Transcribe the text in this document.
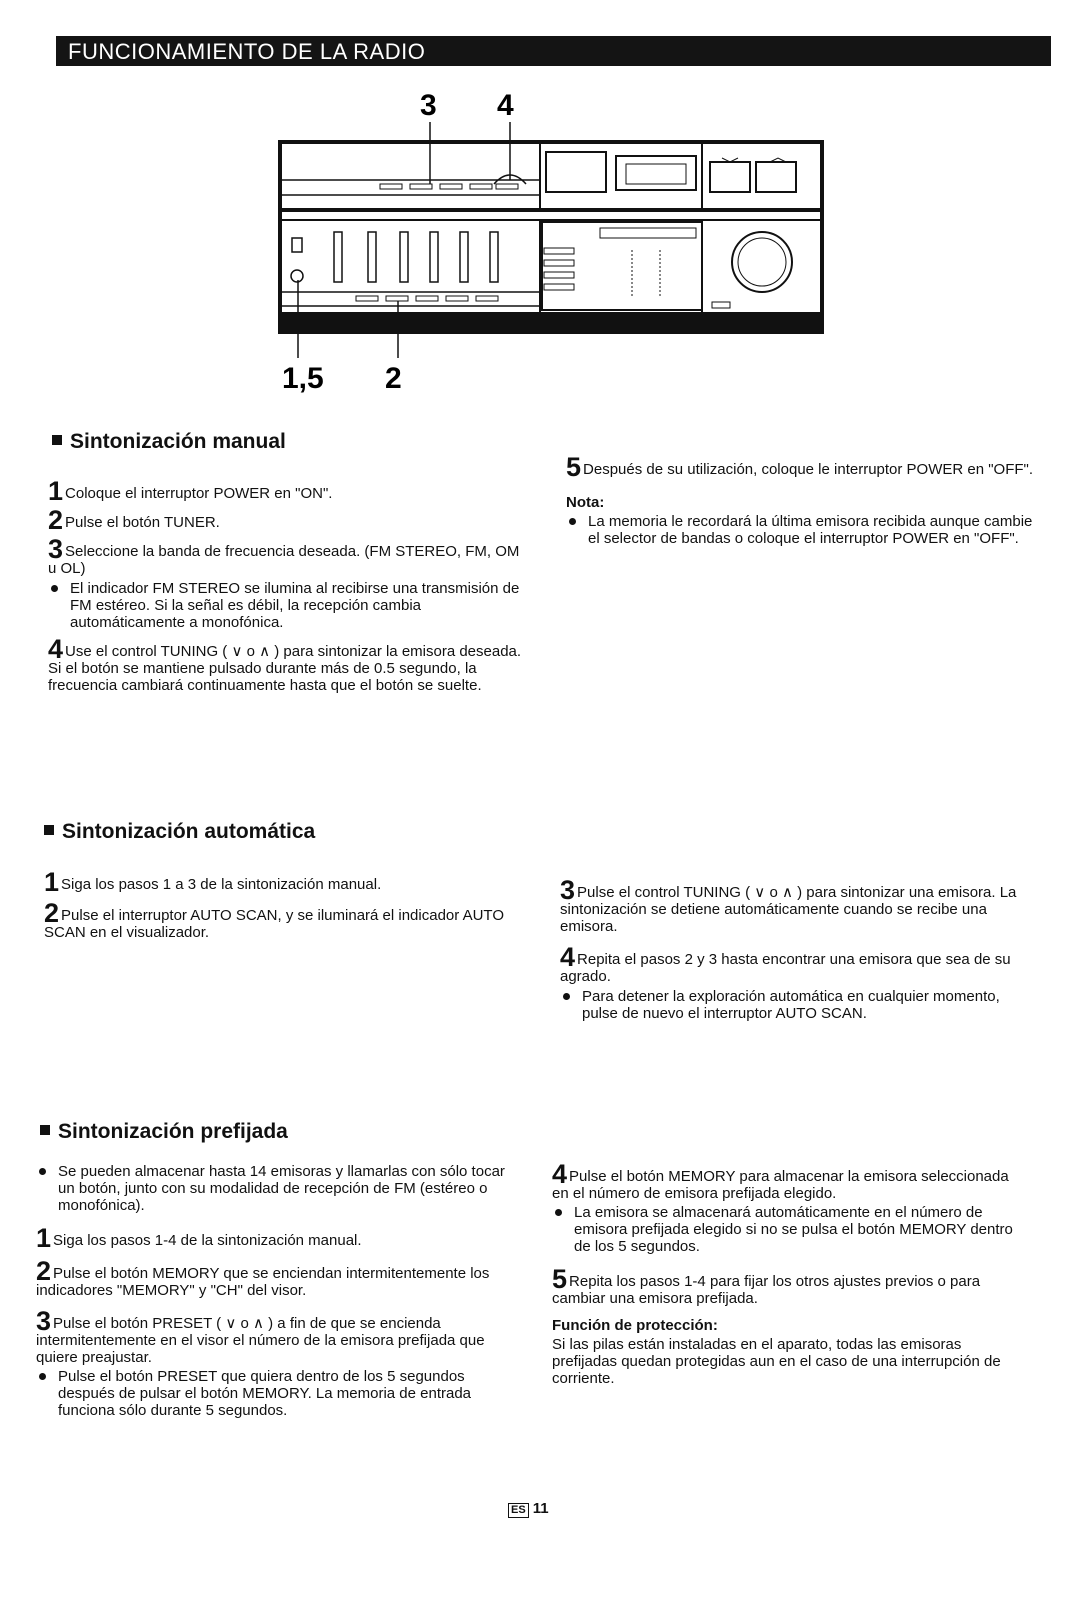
FUNCIONAMIENTO DE LA RADIO
3 4
1,5 2
Sintonización manual

1 Coloque el interruptor POWER en "ON".

2 Pulse el botón TUNER.

3 Seleccione la banda de frecuencia deseada. (FM STEREO, FM, OM u OL)

El indicador FM STEREO se ilumina al recibirse una transmisión de FM estéreo. Si la señal es débil, la recepción cambia automáticamente a monofónica.

4 Use el control TUNING ( ∨ o ∧ ) para sintonizar la emisora deseada. Si el botón se mantiene pulsado durante más de 0.5 segundo, la frecuencia cambiará continuamente hasta que el botón se suelte.

5 Después de su utilización, coloque le interruptor POWER en "OFF".

Nota:

La memoria le recordará la última emisora recibida aunque cambie el selector de bandas o coloque el interruptor POWER en "OFF".

Sintonización automática

1 Siga los pasos 1 a 3 de la sintonización manual.

2 Pulse el interruptor AUTO SCAN, y se iluminará el indicador AUTO SCAN en el visualizador.

3 Pulse el control TUNING ( ∨ o ∧ ) para sintonizar una emisora. La sintonización se detiene automáticamente cuando se recibe una emisora.

4 Repita el pasos 2 y 3 hasta encontrar una emisora que sea de su agrado.

Para detener la exploración automática en cualquier momento, pulse de nuevo el interruptor AUTO SCAN.

Sintonización prefijada

Se pueden almacenar hasta 14 emisoras y llamarlas con sólo tocar un botón, junto con su modalidad de recepción de FM (estéreo o monofónica).

1 Siga los pasos 1-4 de la sintonización manual.

2 Pulse el botón MEMORY que se enciendan intermitentemente los indicadores "MEMORY" y "CH" del visor.

3 Pulse el botón PRESET ( ∨ o ∧ ) a fin de que se encienda intermitentemente en el visor el número de la emisora prefijada que quiere preajustar.

Pulse el botón PRESET que quiera dentro de los 5 segundos después de pulsar el botón MEMORY. La memoria de entrada funciona sólo durante 5 segundos.

4 Pulse el botón MEMORY para almacenar la emisora seleccionada en el número de emisora prefijada elegido.

La emisora se almacenará automáticamente en el número de emisora prefijada elegido si no se pulsa el botón MEMORY dentro de los 5 segundos.

5 Repita los pasos 1-4 para fijar los otros ajustes previos o para cambiar una emisora prefijada.

Función de protección:

Si las pilas están instaladas en el aparato, todas las emisoras prefijadas quedan protegidas aun en el caso de una interrupción de corriente.

ES 11
